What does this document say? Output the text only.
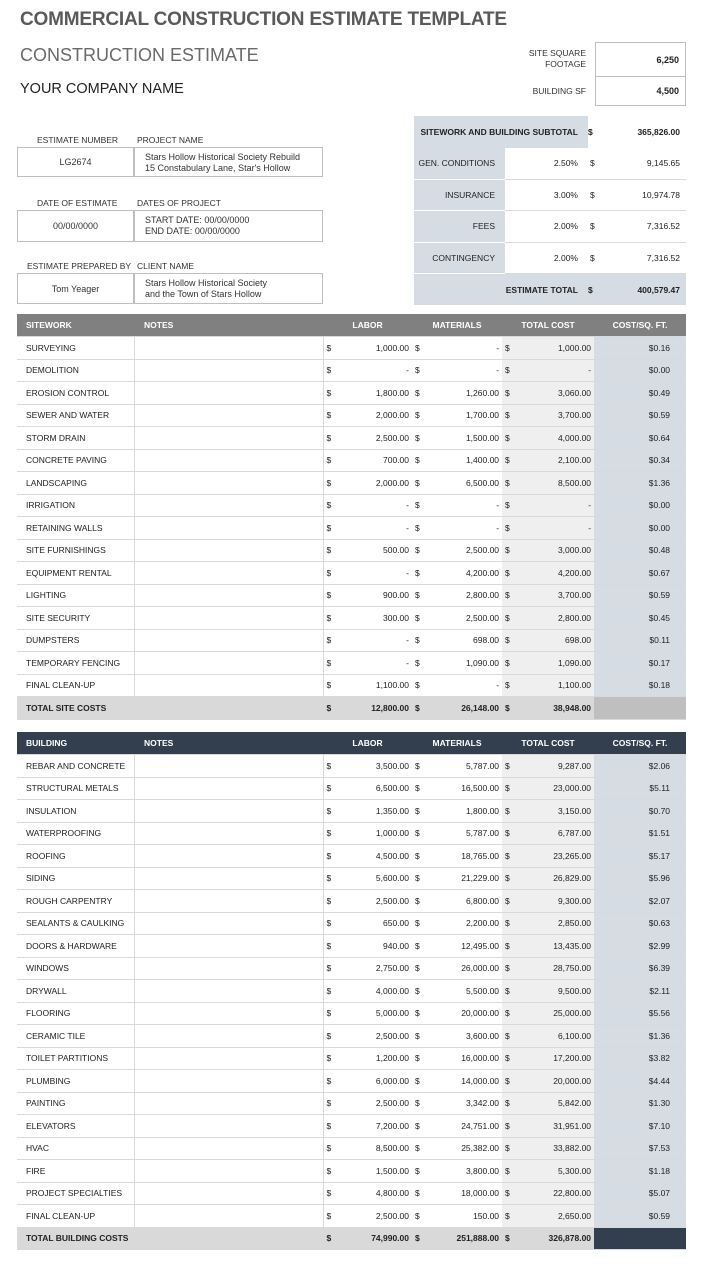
COMMERCIAL CONSTRUCTION ESTIMATE TEMPLATE
CONSTRUCTION ESTIMATE
YOUR COMPANY NAME
SITE SQUARE FOOTAGE	6,250
BUILDING SF	4,500
ESTIMATE NUMBER PROJECT NAME
LG2674	Stars Hollow Historical Society Rebuild
15 Constabulary Lane, Star's Hollow
DATE OF ESTIMATE DATES OF PROJECT
00/00/0000
START DATE: 00/00/0000
END DATE: 00/00/0000
ESTIMATE PREPARED BY CLIENT NAME
Tom Yeager
Stars Hollow Historical Society
and the Town of Stars Hollow
SITEWORK AND BUILDING SUBTOTAL		$	365,826.00
GEN. CONDITIONS	2.50%	$	9,145.65
INSURANCE	3.00%	$	10,974.78
FEES	2.00%	$	7,316.52
CONTINGENCY	2.00%	$	7,316.52
ESTIMATE TOTAL		$	400,579.47
SITEWORK	NOTES	LABOR		MATERIALS		TOTAL COST		COST/SQ. FT.
SURVEYING		$	1,000.00	$	-	$	1,000.00	$0.16
DEMOLITION		$	-	$	-	$	-	$0.00
EROSION CONTROL		$	1,800.00	$	1,260.00	$	3,060.00	$0.49
SEWER AND WATER		$	2,000.00	$	1,700.00	$	3,700.00	$0.59
STORM DRAIN		$	2,500.00	$	1,500.00	$	4,000.00	$0.64
CONCRETE PAVING		$	700.00	$	1,400.00	$	2,100.00	$0.34
LANDSCAPING		$	2,000.00	$	6,500.00	$	8,500.00	$1.36
IRRIGATION		$	-	$	-	$	-	$0.00
RETAINING WALLS		$	-	$	-	$	-	$0.00
SITE FURNISHINGS		$	500.00	$	2,500.00	$	3,000.00	$0.48
EQUIPMENT RENTAL		$	-	$	4,200.00	$	4,200.00	$0.67
LIGHTING		$	900.00	$	2,800.00	$	3,700.00	$0.59
SITE SECURITY		$	300.00	$	2,500.00	$	2,800.00	$0.45
DUMPSTERS		$	-	$	698.00	$	698.00	$0.11
TEMPORARY FENCING		$	-	$	1,090.00	$	1,090.00	$0.17
FINAL CLEAN-UP		$	1,100.00	$	-	$	1,100.00	$0.18
TOTAL SITE COSTS		$	12,800.00	$	26,148.00	$	38,948.00	
BUILDING	NOTES	LABOR		MATERIALS		TOTAL COST		COST/SQ. FT.
REBAR AND CONCRETE		$	3,500.00	$	5,787.00	$	9,287.00	$2.06
STRUCTURAL METALS		$	6,500.00	$	16,500.00	$	23,000.00	$5.11
INSULATION		$	1,350.00	$	1,800.00	$	3,150.00	$0.70
WATERPROOFING		$	1,000.00	$	5,787.00	$	6,787.00	$1.51
ROOFING		$	4,500.00	$	18,765.00	$	23,265.00	$5.17
SIDING		$	5,600.00	$	21,229.00	$	26,829.00	$5.96
ROUGH CARPENTRY		$	2,500.00	$	6,800.00	$	9,300.00	$2.07
SEALANTS & CAULKING		$	650.00	$	2,200.00	$	2,850.00	$0.63
DOORS & HARDWARE		$	940.00	$	12,495.00	$	13,435.00	$2.99
WINDOWS		$	2,750.00	$	26,000.00	$	28,750.00	$6.39
DRYWALL		$	4,000.00	$	5,500.00	$	9,500.00	$2.11
FLOORING		$	5,000.00	$	20,000.00	$	25,000.00	$5.56
CERAMIC TILE		$	2,500.00	$	3,600.00	$	6,100.00	$1.36
TOILET PARTITIONS		$	1,200.00	$	16,000.00	$	17,200.00	$3.82
PLUMBING		$	6,000.00	$	14,000.00	$	20,000.00	$4.44
PAINTING		$	2,500.00	$	3,342.00	$	5,842.00	$1.30
ELEVATORS		$	7,200.00	$	24,751.00	$	31,951.00	$7.10
HVAC		$	8,500.00	$	25,382.00	$	33,882.00	$7.53
FIRE		$	1,500.00	$	3,800.00	$	5,300.00	$1.18
PROJECT SPECIALTIES		$	4,800.00	$	18,000.00	$	22,800.00	$5.07
FINAL CLEAN-UP		$	2,500.00	$	150.00	$	2,650.00	$0.59
TOTAL BUILDING COSTS		$	74,990.00	$	251,888.00	$	326,878.00	
